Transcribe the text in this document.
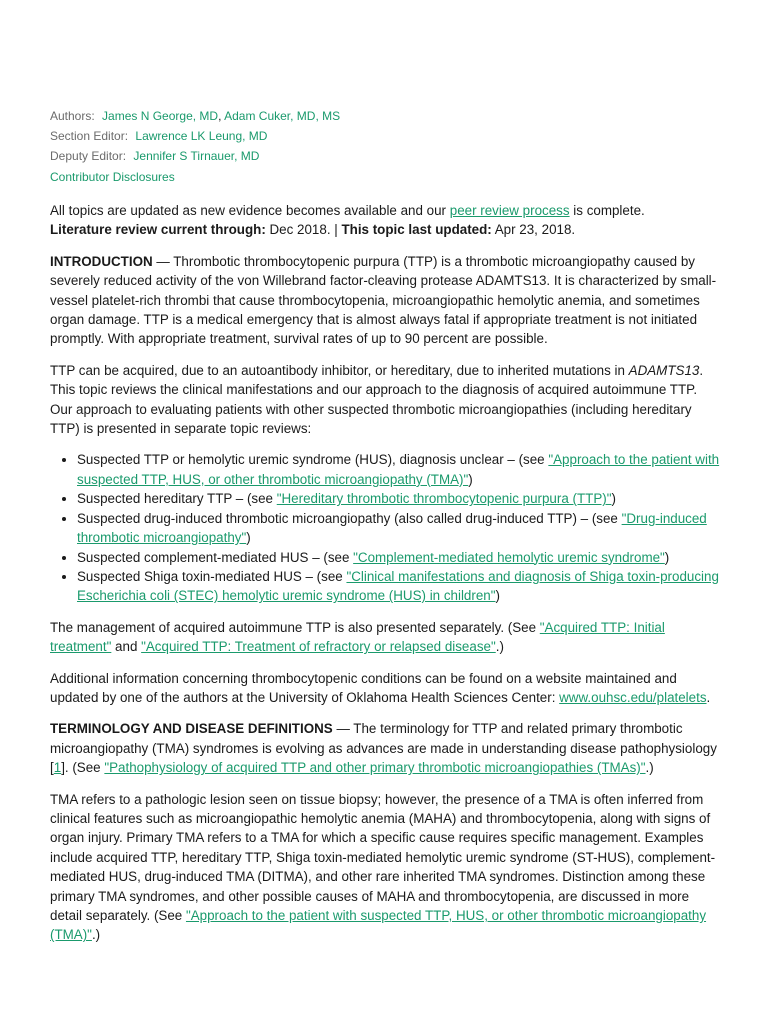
Authors: James N George, MD, Adam Cuker, MD, MS
Section Editor: Lawrence LK Leung, MD
Deputy Editor: Jennifer S Tirnauer, MD
Contributor Disclosures

All topics are updated as new evidence becomes available and our peer review process is complete.
Literature review current through: Dec 2018. | This topic last updated: Apr 23, 2018.

INTRODUCTION — Thrombotic thrombocytopenic purpura (TTP) is a thrombotic microangiopathy caused by severely reduced activity of the von Willebrand factor-cleaving protease ADAMTS13. It is characterized by small-vessel platelet-rich thrombi that cause thrombocytopenia, microangiopathic hemolytic anemia, and sometimes organ damage. TTP is a medical emergency that is almost always fatal if appropriate treatment is not initiated promptly. With appropriate treatment, survival rates of up to 90 percent are possible.

TTP can be acquired, due to an autoantibody inhibitor, or hereditary, due to inherited mutations in ADAMTS13. This topic reviews the clinical manifestations and our approach to the diagnosis of acquired autoimmune TTP. Our approach to evaluating patients with other suspected thrombotic microangiopathies (including hereditary TTP) is presented in separate topic reviews:

• Suspected TTP or hemolytic uremic syndrome (HUS), diagnosis unclear – (see "Approach to the patient with suspected TTP, HUS, or other thrombotic microangiopathy (TMA)")
• Suspected hereditary TTP – (see "Hereditary thrombotic thrombocytopenic purpura (TTP)")
• Suspected drug-induced thrombotic microangiopathy (also called drug-induced TTP) – (see "Drug-induced thrombotic microangiopathy")
• Suspected complement-mediated HUS – (see "Complement-mediated hemolytic uremic syndrome")
• Suspected Shiga toxin-mediated HUS – (see "Clinical manifestations and diagnosis of Shiga toxin-producing Escherichia coli (STEC) hemolytic uremic syndrome (HUS) in children")

The management of acquired autoimmune TTP is also presented separately. (See "Acquired TTP: Initial treatment" and "Acquired TTP: Treatment of refractory or relapsed disease".)

Additional information concerning thrombocytopenic conditions can be found on a website maintained and updated by one of the authors at the University of Oklahoma Health Sciences Center: www.ouhsc.edu/platelets.

TERMINOLOGY AND DISEASE DEFINITIONS — The terminology for TTP and related primary thrombotic microangiopathy (TMA) syndromes is evolving as advances are made in understanding disease pathophysiology [1]. (See "Pathophysiology of acquired TTP and other primary thrombotic microangiopathies (TMAs)".)

TMA refers to a pathologic lesion seen on tissue biopsy; however, the presence of a TMA is often inferred from clinical features such as microangiopathic hemolytic anemia (MAHA) and thrombocytopenia, along with signs of organ injury. Primary TMA refers to a TMA for which a specific cause requires specific management. Examples include acquired TTP, hereditary TTP, Shiga toxin-mediated hemolytic uremic syndrome (ST-HUS), complement-mediated HUS, drug-induced TMA (DITMA), and other rare inherited TMA syndromes. Distinction among these primary TMA syndromes, and other possible causes of MAHA and thrombocytopenia, are discussed in more detail separately. (See "Approach to the patient with suspected TTP, HUS, or other thrombotic microangiopathy (TMA)".)
